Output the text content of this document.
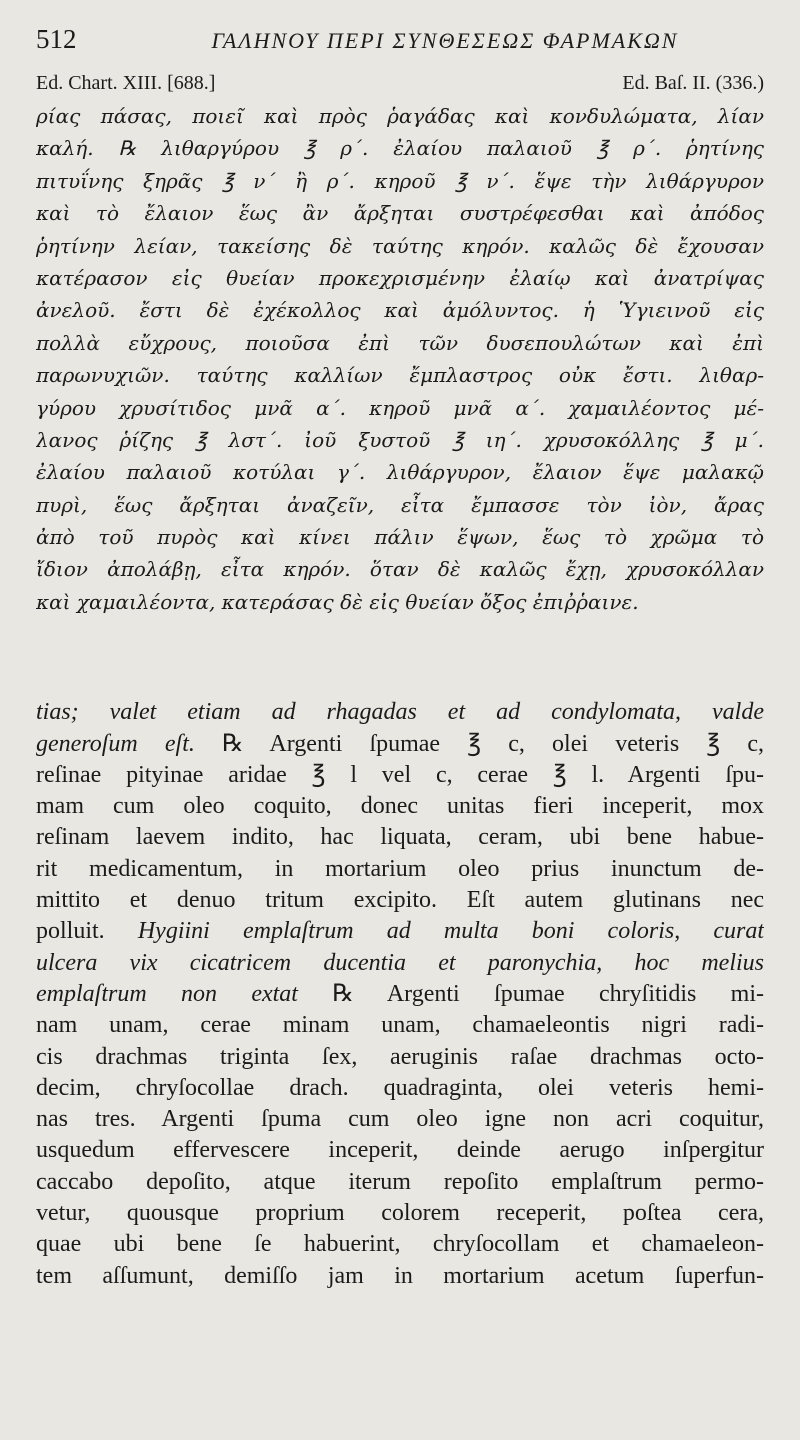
512	ΓΑΛΗΝΟΥ ΠΕΡΙ ΣΥΝΘΕΣΕΩΣ ΦΑΡΜΑΚΩΝ
Ed. Chart. XIII. [688.]	Ed. Baſ. II. (336.)
ρίας πάσας, ποιεῖ καὶ πρὸς ῥαγάδας καὶ κονδυλώματα, λίαν
καλή. ℞ λιθαργύρου ℥ ρ΄. ἐλαίου παλαιοῦ ℥ ρ΄. ῥητίνης
πιτυΐνης ξηρᾶς ℥ ν΄ ἢ ρ΄. κηροῦ ℥ ν΄. ἕψε τὴν λιθάργυρον
καὶ τὸ ἔλαιον ἕως ἂν ἄρξηται συστρέφεσθαι καὶ ἀπόδος
ῥητίνην λείαν, τακείσης δὲ ταύτης κηρόν. καλῶς δὲ ἔχουσαν
κατέρασον εἰς θυείαν προκεχρισμένην ἐλαίῳ καὶ ἀνατρίψας
ἀνελοῦ. ἔστι δὲ ἐχέκολλος καὶ ἀμόλυντος. ἡ Ὑγιεινοῦ εἰς
πολλὰ εὔχρους, ποιοῦσα ἐπὶ τῶν δυσεπουλώτων καὶ ἐπὶ
παρωνυχιῶν. ταύτης καλλίων ἔμπλαστρος οὐκ ἔστι. λιθαρ-
γύρου χρυσίτιδος μνᾶ α΄. κηροῦ μνᾶ α΄. χαμαιλέοντος μέ-
λανος ῥίζης ℥ λστ΄. ἰοῦ ξυστοῦ ℥ ιη΄. χρυσοκόλλης ℥ μ΄.
ἐλαίου παλαιοῦ κοτύλαι γ΄. λιθάργυρον, ἔλαιον ἕψε μαλακῷ
πυρὶ, ἕως ἄρξηται ἀναζεῖν, εἶτα ἔμπασσε τὸν ἰὸν, ἄρας
ἀπὸ τοῦ πυρὸς καὶ κίνει πάλιν ἕψων, ἕως τὸ χρῶμα τὸ
ἴδιον ἀπολάβῃ, εἶτα κηρόν. ὅταν δὲ καλῶς ἔχῃ, χρυσοκόλλαν
καὶ χαμαιλέοντα, κατεράσας δὲ εἰς θυείαν ὄξος ἐπιῤῥαινε.
tias; valet etiam ad rhagadas et ad condylomata, valde
generoſum eſt. ℞ Argenti ſpumae ℥ c, olei veteris ℥ c,
reſinae pityinae aridae ℥ l vel c, cerae ℥ l. Argenti ſpu-
mam cum oleo coquito, donec unitas fieri inceperit, mox
reſinam laevem indito, hac liquata, ceram, ubi bene habue-
rit medicamentum, in mortarium oleo prius inunctum de-
mittito et denuo tritum excipito. Eſt autem glutinans nec
polluit. Hygiini emplaſtrum ad multa boni coloris, curat
ulcera vix cicatricem ducentia et paronychia, hoc melius
emplaſtrum non extat ℞ Argenti ſpumae chryſitidis mi-
nam unam, cerae minam unam, chamaeleontis nigri radi-
cis drachmas triginta ſex, aeruginis raſae drachmas octo-
decim, chryſocollae drach. quadraginta, olei veteris hemi-
nas tres. Argenti ſpuma cum oleo igne non acri coquitur,
usquedum effervescere inceperit, deinde aerugo inſpergitur
caccabo depoſito, atque iterum repoſito emplaſtrum permo-
vetur, quousque proprium colorem receperit, poſtea cera,
quae ubi bene ſe habuerint, chryſocollam et chamaeleon-
tem aſſumunt, demiſſo jam in mortarium acetum ſuperfun-
